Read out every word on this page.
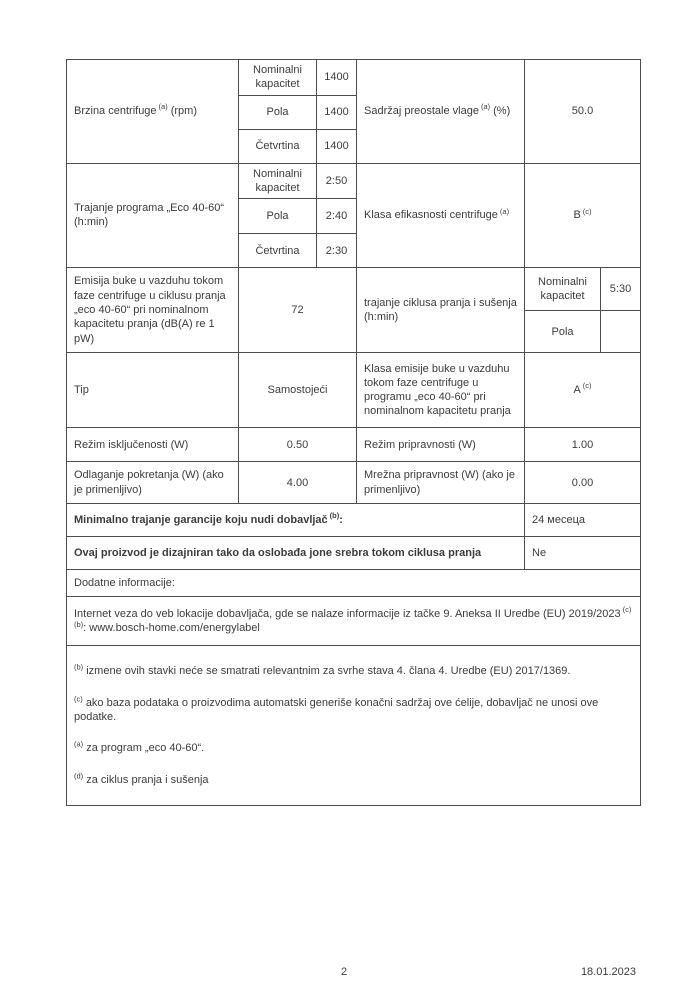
Brzina centrifuge $^{(a)}$ (rpm)	Nominalni kapacitet	1400	Sadržaj preostale vlage $^{(a)}$ (%)	50.0	
	Pola	1400			
	Četvrtina	1400			
Trajanje programa „Eco 40-60“ (h:min)	Nominalni kapacitet	2:50	Klasa efikasnosti centrifuge $^{(a)}$	B $^{(c)}$
	Pola	2:40			
	Četvrtina	2:30			
Emisija buke u vazduhu tokom faze centrifuge u ciklusu pranja „eco 40-60“ pri nominalnom kapacitetu pranja (dB(A) re 1 pW)	72		trajanje ciklusa pranja i sušenja (h:min)	Nominalni kapacitet	5:30
				Pola	
Tip	Samostojeći		Klasa emisije buke u vazduhu tokom faze centrifuge u programu „eco 40-60“ pri nominalnom kapacitetu pranja	A $^{(c)}$
Režim isključenosti (W)	0.50		Režim pripravnosti (W)	1.00	
Odlaganje pokretanja (W) (ako je primenljivo)	4.00		Mrežna pripravnost (W) (ako je primenljivo)	0.00	
Minimalno trajanje garancije koju nudi dobavljač $^{(b)}$:				24 месеца	
Ovaj proizvod je dizajniran tako da oslobađa jone srebra tokom ciklusa pranja				Ne	
Dodatne informacije:					
Internet veza do veb lokacije dobavljača, gde se nalaze informacije iz tačke 9. Aneksa II Uredbe (EU) 2019/2023 $^{(c) (b)}$: www.bosch-home.com/energylabel					

$^{(b)}$ izmene ovih stavki neće se smatrati relevantnim za svrhe stava 4. člana 4. Uredbe (EU) 2017/1369.

$^{(c)}$ ako baza podataka o proizvodima automatski generiše konačni sadržaj ove ćelije, dobavljač ne unosi ove podatke.

$^{(a)}$ za program „eco 40-60“.

$^{(d)}$ za ciklus pranja i sušenja					

2	18.01.2023
